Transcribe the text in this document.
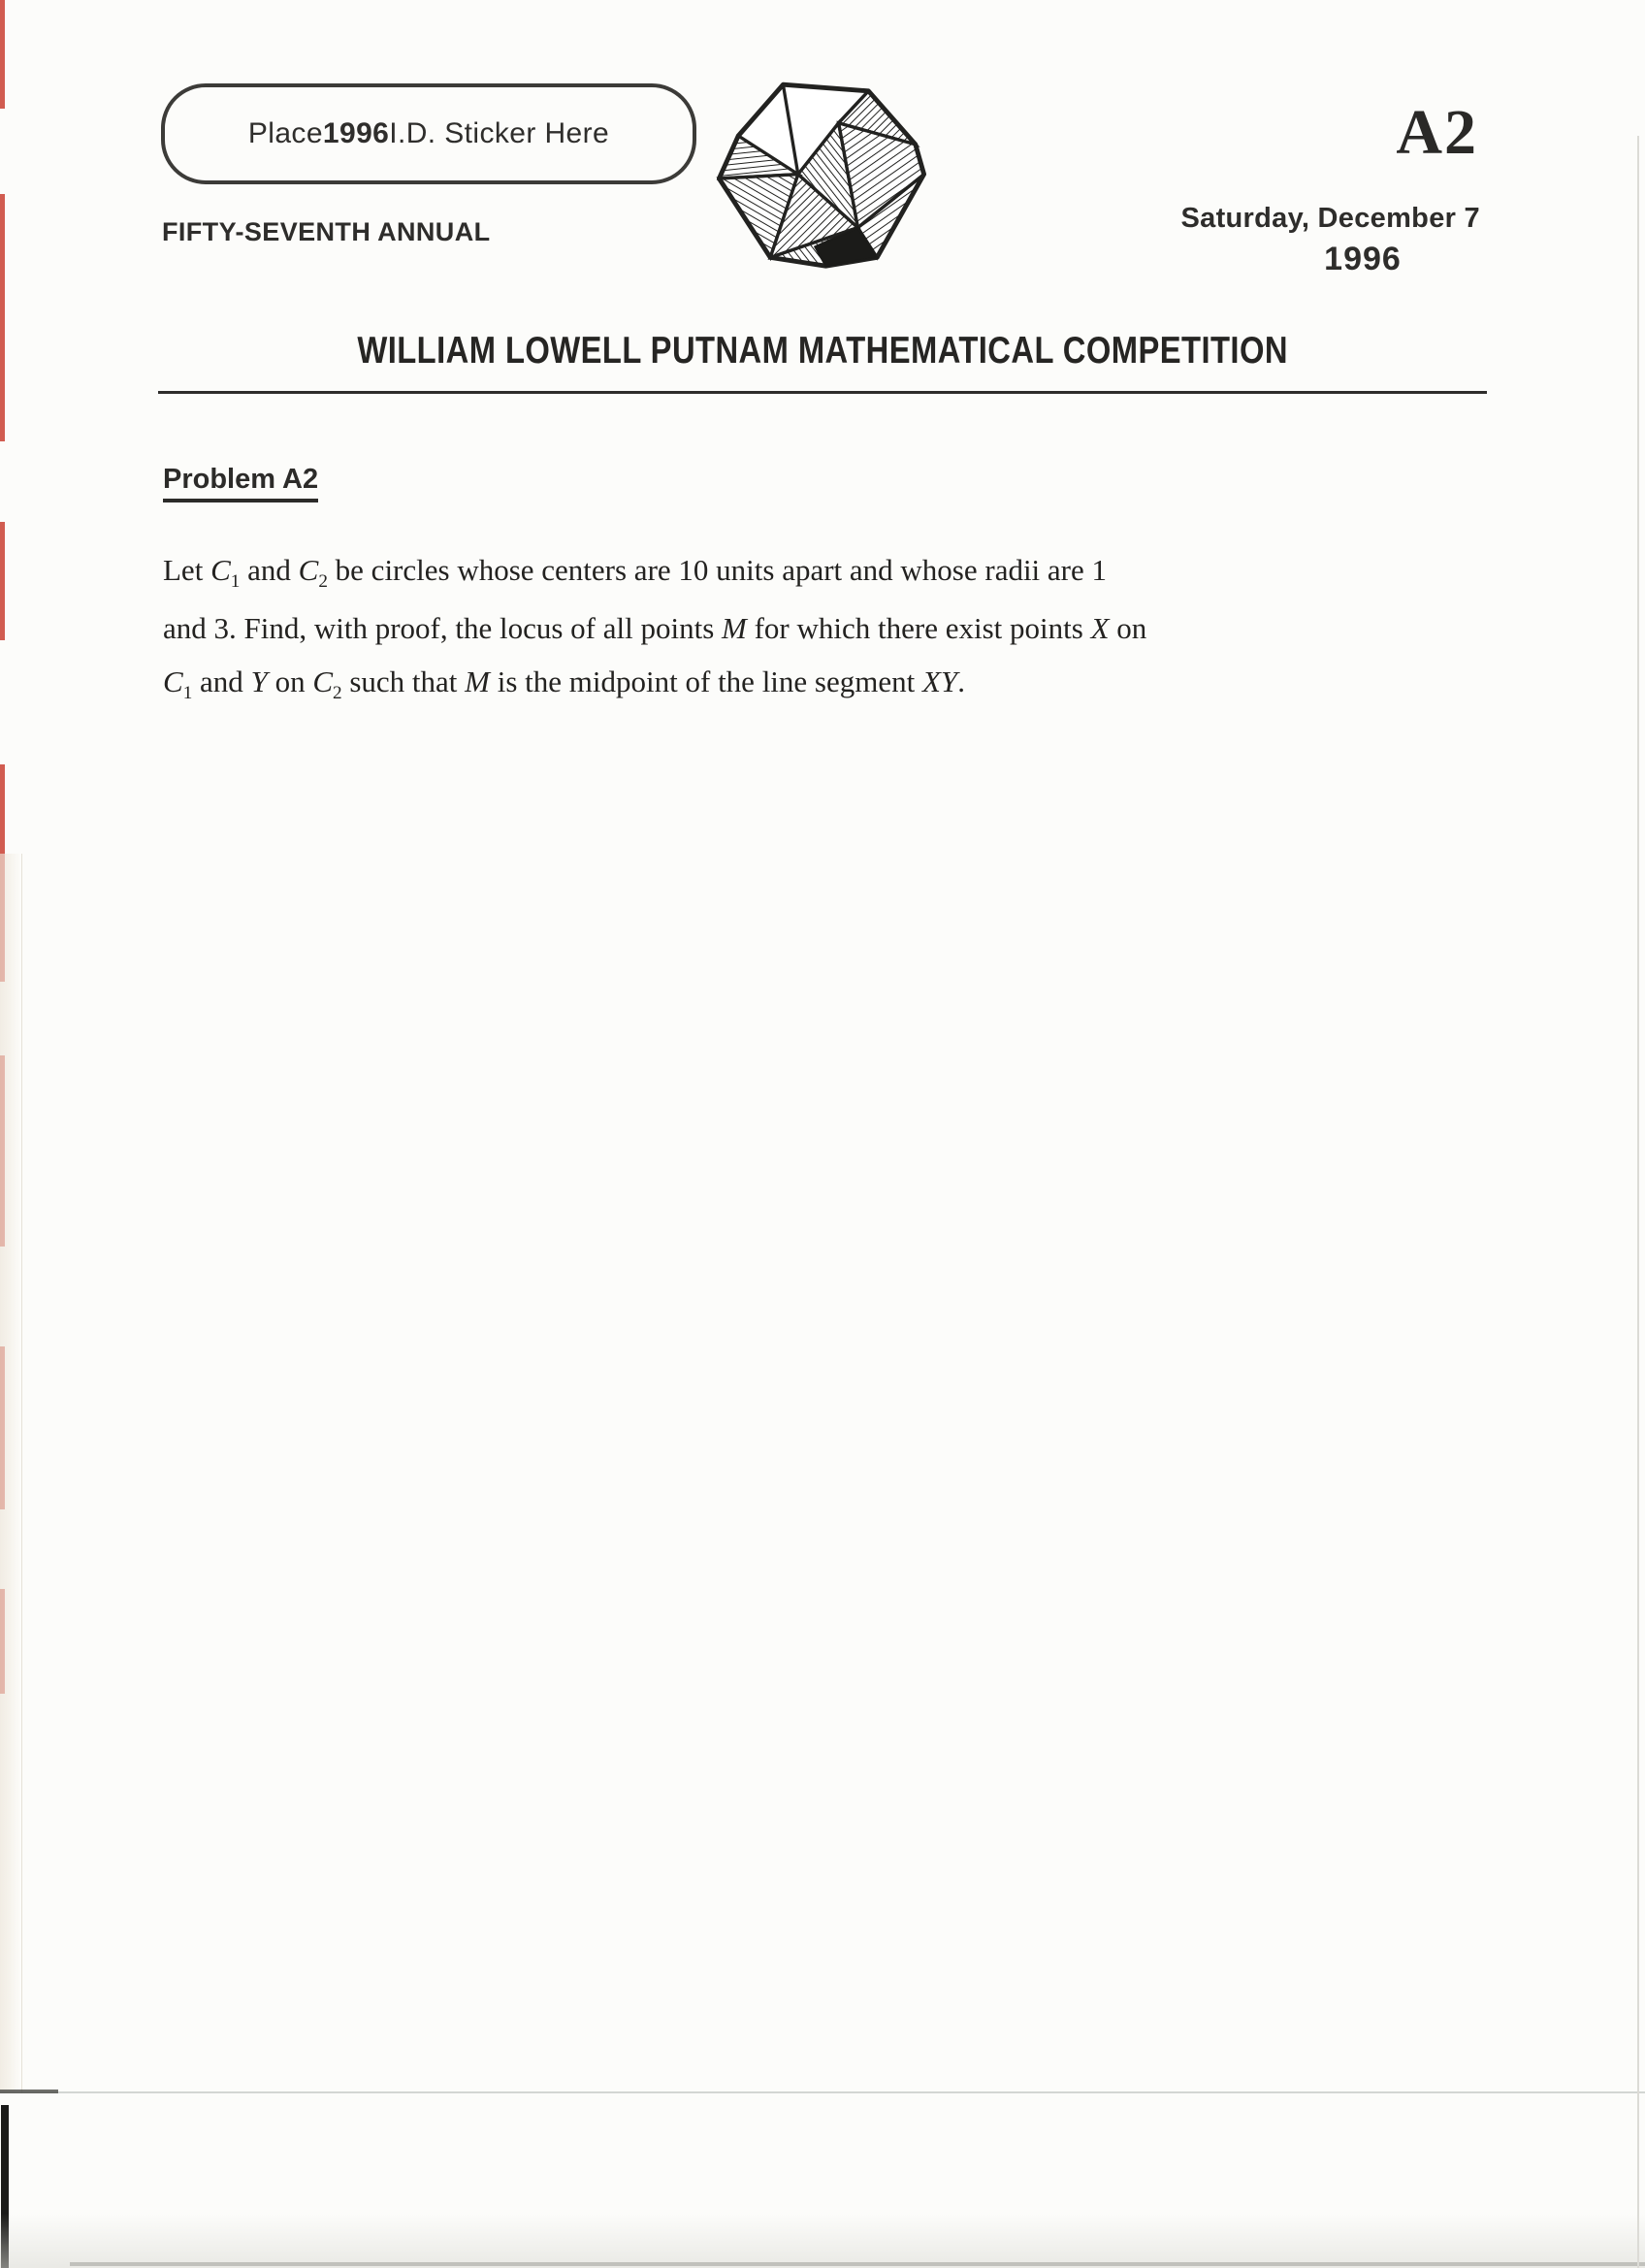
Place 1996 I.D. Sticker Here
FIFTY-SEVENTH ANNUAL
A2
Saturday, December 7
1996
WILLIAM LOWELL PUTNAM MATHEMATICAL COMPETITION
Problem A2
Let $C_1$ and $C_2$ be circles whose centers are 10 units apart and whose radii are 1
and 3. Find, with proof, the locus of all points M for which there exist points X on
$C_1$ and Y on $C_2$ such that M is the midpoint of the line segment XY.
